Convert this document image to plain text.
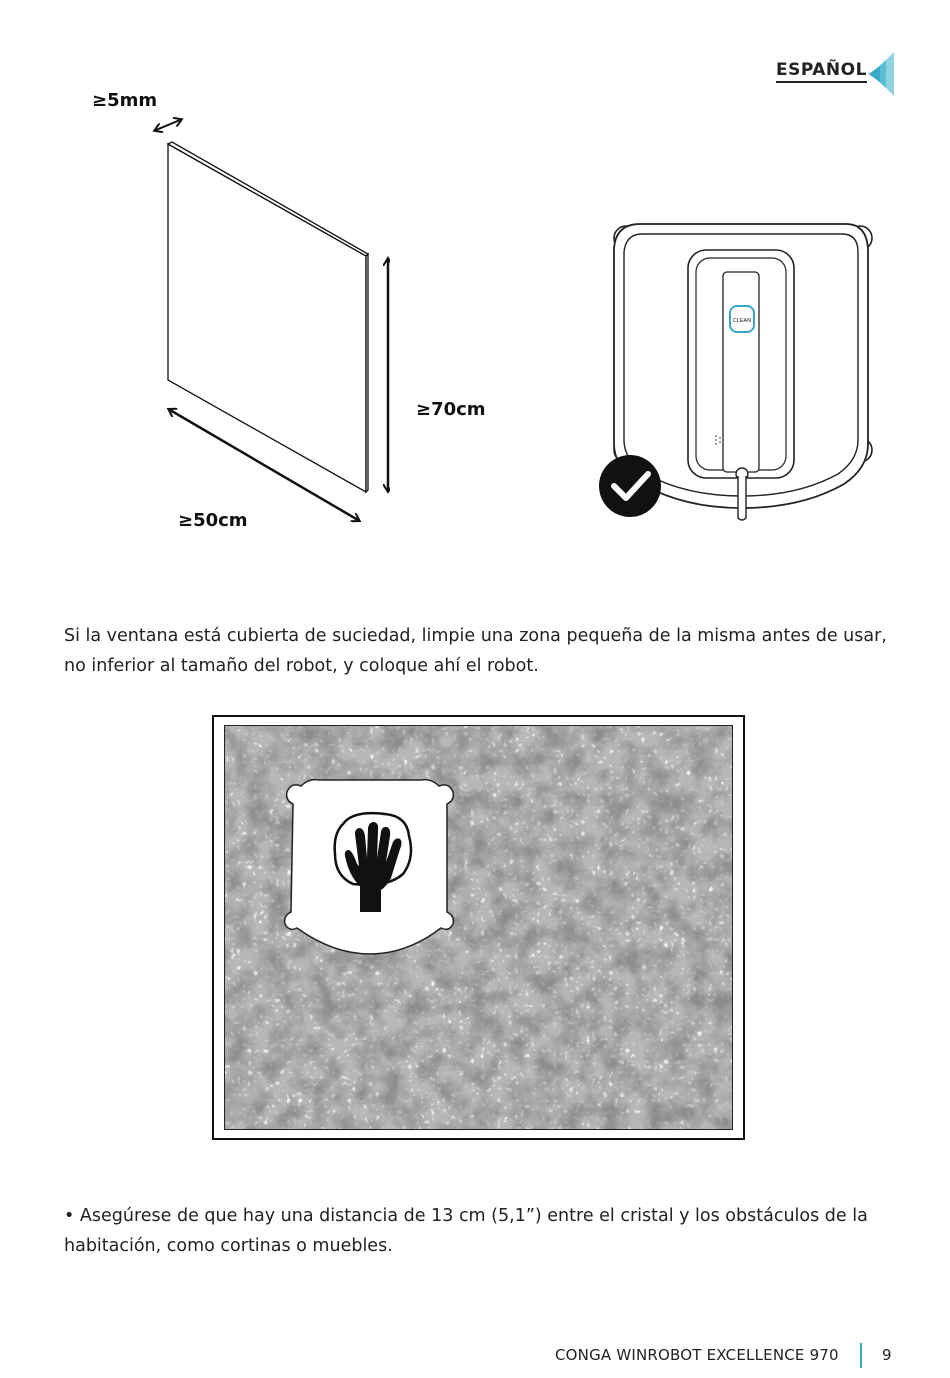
ESPAÑOL
≥5mm
≥70cm
≥50cm
CLEAN
Si la ventana está cubierta de suciedad, limpie una zona pequeña de la misma antes de usar, no inferior al tamaño del robot, y coloque ahí el robot.
• Asegúrese de que hay una distancia de 13 cm (5,1”) entre el cristal y los obstáculos de la habitación, como cortinas o muebles.
CONGA WINROBOT EXCELLENCE 970	9
